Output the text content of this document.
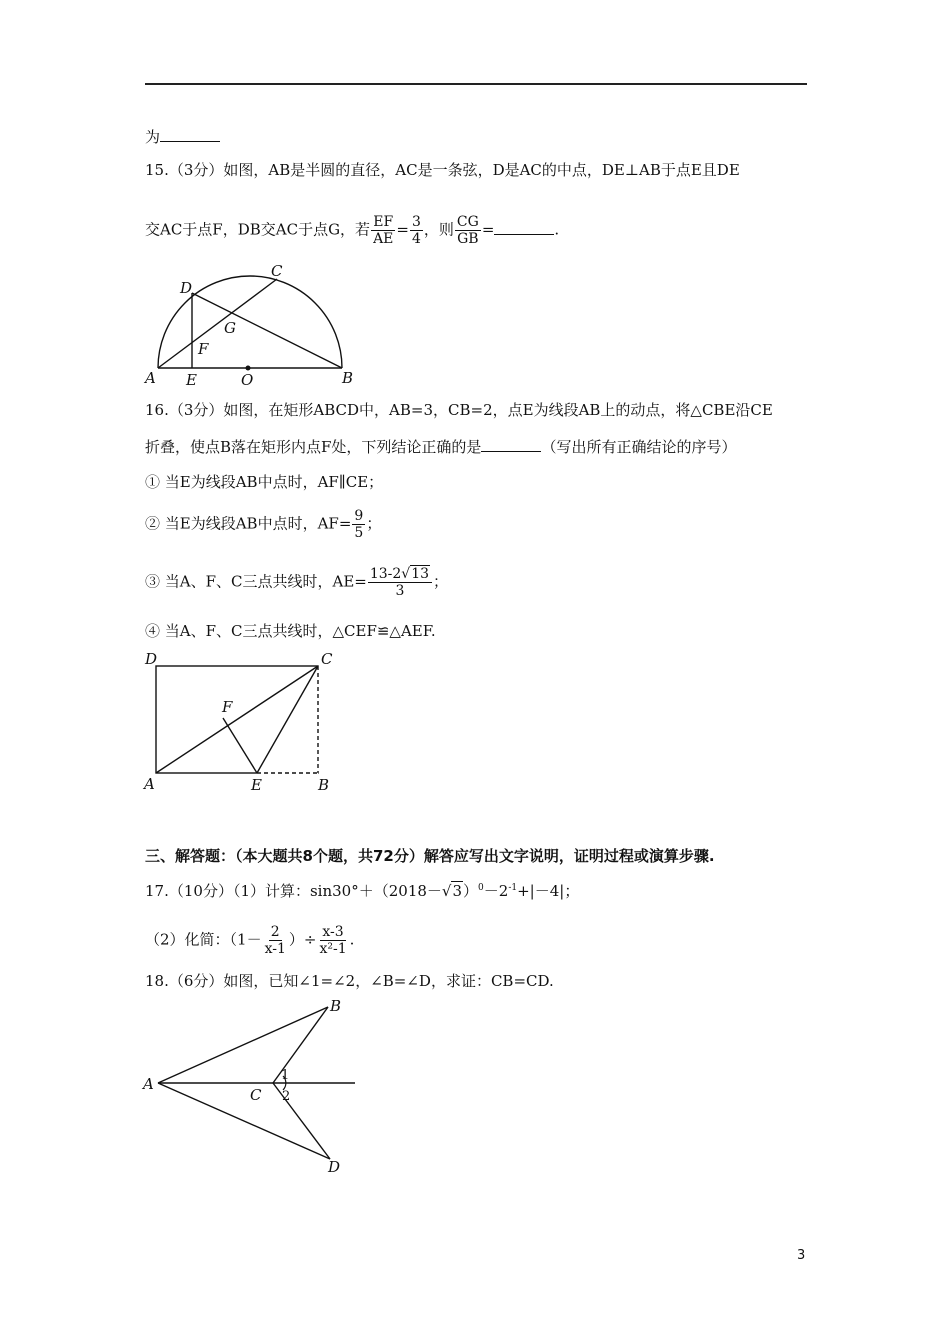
为
15.（3分）如图，AB是半圆的直径，AC是一条弦，D是AC的中点，DE⊥AB于点E且DE
交AC于点F，DB交AC于点G，若 $\frac{EF}{AE} = \frac{3}{4}$ ，则 $\frac{CG}{GB}$ =	.
A E	O	B
D
C
G
F
16.（3分）如图，在矩形ABCD中，AB=3，CB=2，点E为线段AB上的动点，将△CBE沿CE
折叠，使点B落在矩形内点F处，下列结论正确的是	（写出所有正确结论的序号）
① 当E为线段AB中点时，AF∥CE；
② 当E为线段AB中点时，$AF= \frac{9}{5}$ ；
③ 当A、F、C三点共线时，$AE= \frac{13-2√13}{3}$ ；
④ 当A、F、C三点共线时，△CEF≌△AEF.
D	C
F
A	E	B
三、解答题：（本大题共8个题，共72分）解答应写出文字说明，证明过程或演算步骤.
17.（10分）（1）计算：$\sin 30^\circ+(2018-√3)^0-2^{-1}+|-4|$；
（2）化简：（$1- \frac{2}{x-1}$ ）÷ $\frac{x-3}{\text{x²-1}}$ .
18.（6分）如图，已知∠1=∠2，∠B=∠D，求证：CB=CD.
A
B
C
D
1
2
3
